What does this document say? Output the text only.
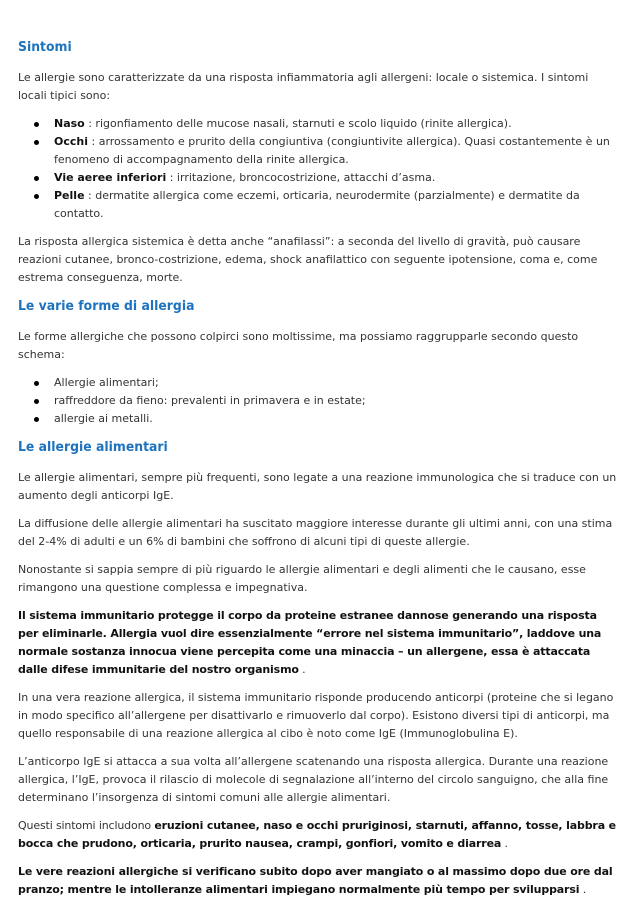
Sintomi

Le allergie sono caratterizzate da una risposta infiammatoria agli allergeni: locale o sistemica. I sintomi locali tipici sono:

Naso : rigonfiamento delle mucose nasali, starnuti e scolo liquido (rinite allergica).
Occhi : arrossamento e prurito della congiuntiva (congiuntivite allergica). Quasi costantemente è un fenomeno di accompagnamento della rinite allergica.
Vie aeree inferiori : irritazione, broncocostrizione, attacchi d’asma.
Pelle : dermatite allergica come eczemi, orticaria, neurodermite (parzialmente) e dermatite da contatto.

La risposta allergica sistemica è detta anche “anafilassi”: a seconda del livello di gravità, può causare reazioni cutanee, bronco-costrizione, edema, shock anafilattico con seguente ipotensione, coma e, come estrema conseguenza, morte.

Le varie forme di allergia

Le forme allergiche che possono colpirci sono moltissime, ma possiamo raggrupparle secondo questo schema:

Allergie alimentari;
raffreddore da fieno: prevalenti in primavera e in estate;
allergie ai metalli.
Le allergie alimentari

Le allergie alimentari, sempre più frequenti, sono legate a una reazione immunologica che si traduce con un aumento degli anticorpi IgE.

La diffusione delle allergie alimentari ha suscitato maggiore interesse durante gli ultimi anni, con una stima del 2-4% di adulti e un 6% di bambini che soffrono di alcuni tipi di queste allergie.

Nonostante si sappia sempre di più riguardo le allergie alimentari e degli alimenti che le causano, esse rimangono una questione complessa e impegnativa.

Il sistema immunitario protegge il corpo da proteine estranee dannose generando una risposta per eliminarle. Allergia vuol dire essenzialmente “errore nel sistema immunitario”, laddove una normale sostanza innocua viene percepita come una minaccia – un allergene, essa è attaccata dalle difese immunitarie del nostro organismo .

In una vera reazione allergica, il sistema immunitario risponde producendo anticorpi (proteine che si legano in modo specifico all’allergene per disattivarlo e rimuoverlo dal corpo). Esistono diversi tipi di anticorpi, ma quello responsabile di una reazione allergica al cibo è noto come IgE (Immunoglobulina E).

L’anticorpo IgE si attacca a sua volta all’allergene scatenando una risposta allergica. Durante una reazione allergica, l’IgE, provoca il rilascio di molecole di segnalazione all’interno del circolo sanguigno, che alla fine determinano l’insorgenza di sintomi comuni alle allergie alimentari.

Questi sintomi includono eruzioni cutanee, naso e occhi pruriginosi, starnuti, affanno, tosse, labbra e bocca che prudono, orticaria, prurito nausea, crampi, gonfiori, vomito e diarrea .

Le vere reazioni allergiche si verificano subito dopo aver mangiato o al massimo dopo due ore dal pranzo; mentre le intolleranze alimentari impiegano normalmente più tempo per svilupparsi .
